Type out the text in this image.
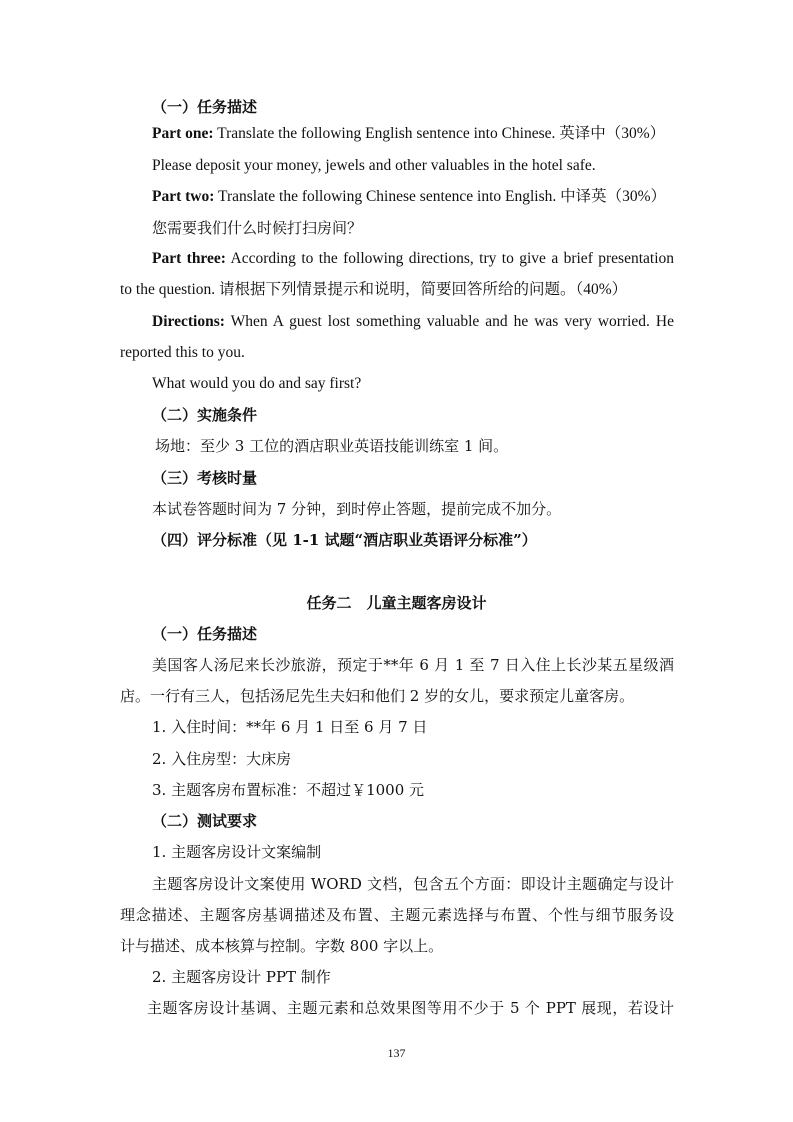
（一）任务描述
Part one: Translate the following English sentence into Chinese. 英译中（30%）
Please deposit your money, jewels and other valuables in the hotel safe.
Part two: Translate the following Chinese sentence into English. 中译英（30%）
您需要我们什么时候打扫房间？
Part three: According to the following directions, try to give a brief presentation
to the question. 请根据下列情景提示和说明，简要回答所给的问题。（40%）
Directions: When A guest lost something valuable and he was very worried. He
reported this to you.
What would you do and say first?
（二）实施条件
场地：至少 3 工位的酒店职业英语技能训练室 1 间。
（三）考核时量
本试卷答题时间为 7 分钟，到时停止答题，提前完成不加分。
（四）评分标准（见 1-1 试题“酒店职业英语评分标准”）
任务二　儿童主题客房设计
（一）任务描述
美国客人汤尼来长沙旅游，预定于**年 6 月 1 至 7 日入住上长沙某五星级酒
店。一行有三人，包括汤尼先生夫妇和他们 2 岁的女儿，要求预定儿童客房。
1. 入住时间：**年 6 月 1 日至 6 月 7 日
2. 入住房型：大床房
3. 主题客房布置标准：不超过￥1000 元
（二）测试要求
1. 主题客房设计文案编制
主题客房设计文案使用 WORD 文档，包含五个方面：即设计主题确定与设计
理念描述、主题客房基调描述及布置、主题元素选择与布置、个性与细节服务设
计与描述、成本核算与控制。字数 800 字以上。
2. 主题客房设计 PPT 制作
主题客房设计基调、主题元素和总效果图等用不少于 5 个 PPT 展现，若设计
137
